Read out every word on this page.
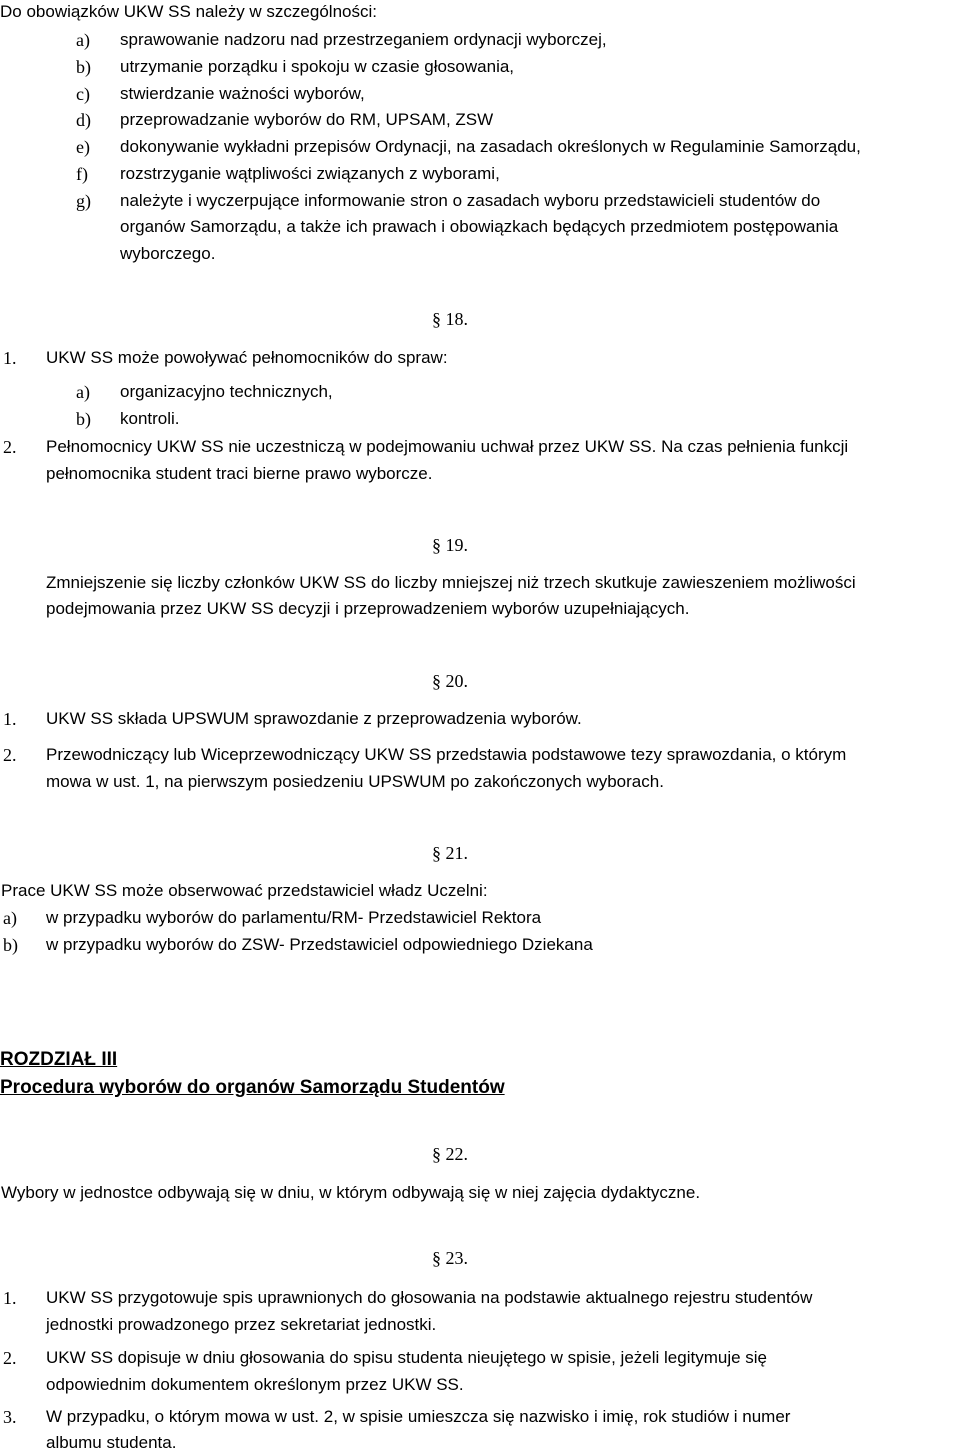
Do obowiązków UKW SS należy w szczególności:
a) sprawowanie nadzoru nad przestrzeganiem ordynacji wyborczej,
b) utrzymanie porządku i spokoju w czasie głosowania,
c) stwierdzanie ważności wyborów,
d) przeprowadzanie wyborów do RM, UPSAM, ZSW
e) dokonywanie wykładni przepisów Ordynacji, na zasadach określonych w Regulaminie Samorządu,
f) rozstrzyganie wątpliwości związanych z wyborami,
g) należyte i wyczerpujące informowanie stron o zasadach wyboru przedstawicieli studentów do
organów Samorządu, a także ich prawach i obowiązkach będących przedmiotem postępowania
wyborczego.
§ 18.
1. UKW SS może powoływać pełnomocników do spraw:
a) organizacyjno technicznych,
b) kontroli.
2. Pełnomocnicy UKW SS nie uczestniczą w podejmowaniu uchwał przez UKW SS. Na czas pełnienia funkcji
pełnomocnika student traci bierne prawo wyborcze.
§ 19.
Zmniejszenie się liczby członków UKW SS do liczby mniejszej niż trzech skutkuje zawieszeniem możliwości
podejmowania przez UKW SS decyzji i przeprowadzeniem wyborów uzupełniających.
§ 20.
1. UKW SS składa UPSWUM sprawozdanie z przeprowadzenia wyborów.
2. Przewodniczący lub Wiceprzewodniczący UKW SS przedstawia podstawowe tezy sprawozdania, o którym
mowa w ust. 1, na pierwszym posiedzeniu UPSWUM po zakończonych wyborach.
§ 21.
Prace UKW SS może obserwować przedstawiciel władz Uczelni:
a) w przypadku wyborów do parlamentu/RM- Przedstawiciel Rektora
b) w przypadku wyborów do ZSW- Przedstawiciel odpowiedniego Dziekana
ROZDZIAŁ III
Procedura wyborów do organów Samorządu Studentów
§ 22.
Wybory w jednostce odbywają się w dniu, w którym odbywają się w niej zajęcia dydaktyczne.
§ 23.
1. UKW SS przygotowuje spis uprawnionych do głosowania na podstawie aktualnego rejestru studentów
jednostki prowadzonego przez sekretariat jednostki.
2. UKW SS dopisuje w dniu głosowania do spisu studenta nieujętego w spisie, jeżeli legitymuje się
odpowiednim dokumentem określonym przez UKW SS.
3. W przypadku, o którym mowa w ust. 2, w spisie umieszcza się nazwisko i imię, rok studiów i numer
albumu studenta.
